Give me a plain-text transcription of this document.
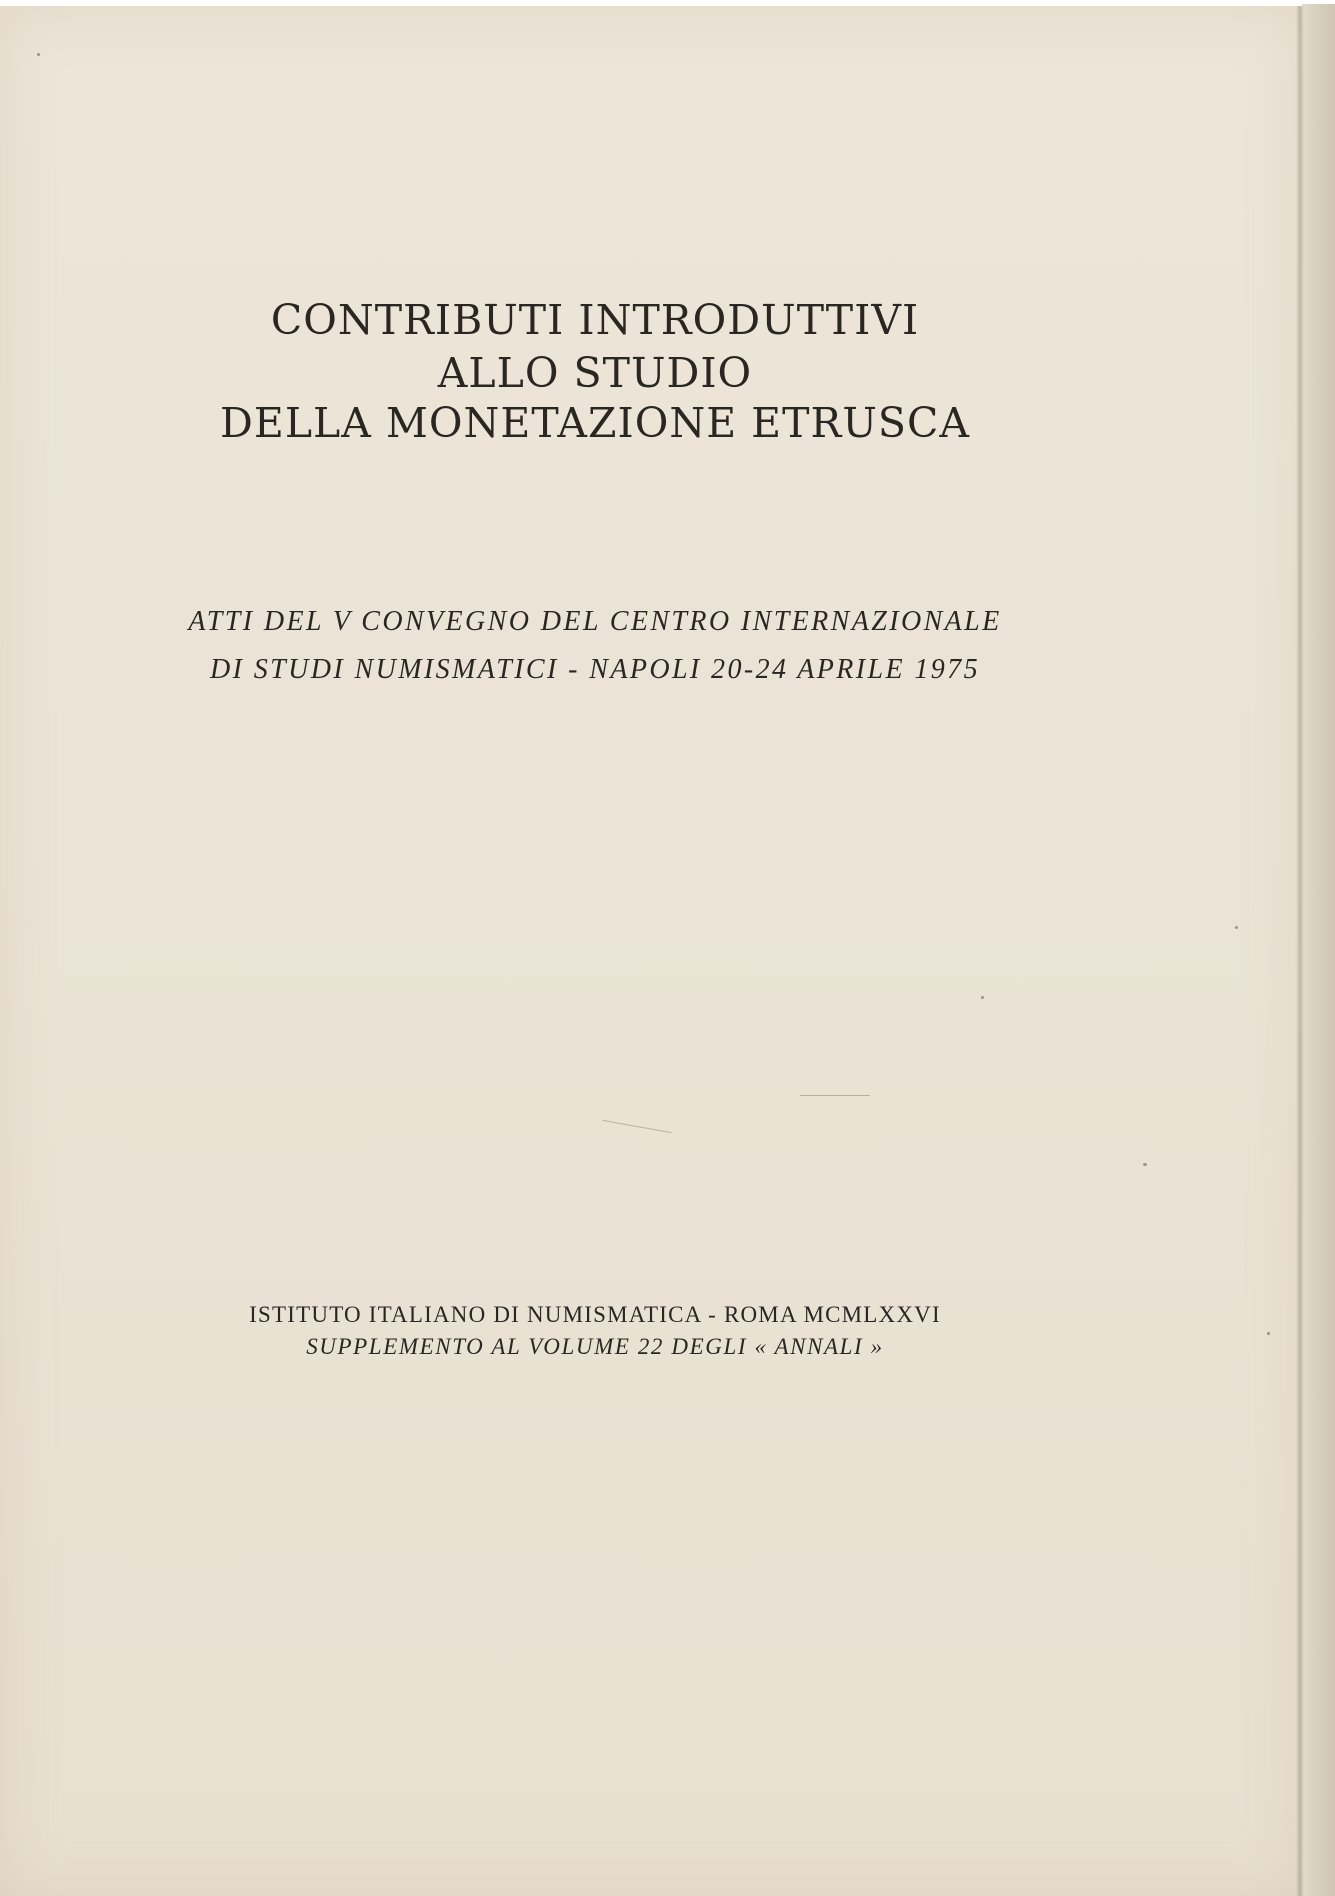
CONTRIBUTI INTRODUTTIVI
ALLO STUDIO
DELLA MONETAZIONE ETRUSCA
ATTI DEL V CONVEGNO DEL CENTRO INTERNAZIONALE
DI STUDI NUMISMATICI - NAPOLI 20-24 APRILE 1975
ISTITUTO ITALIANO DI NUMISMATICA - ROMA MCMLXXVI
SUPPLEMENTO AL VOLUME 22 DEGLI « ANNALI »
